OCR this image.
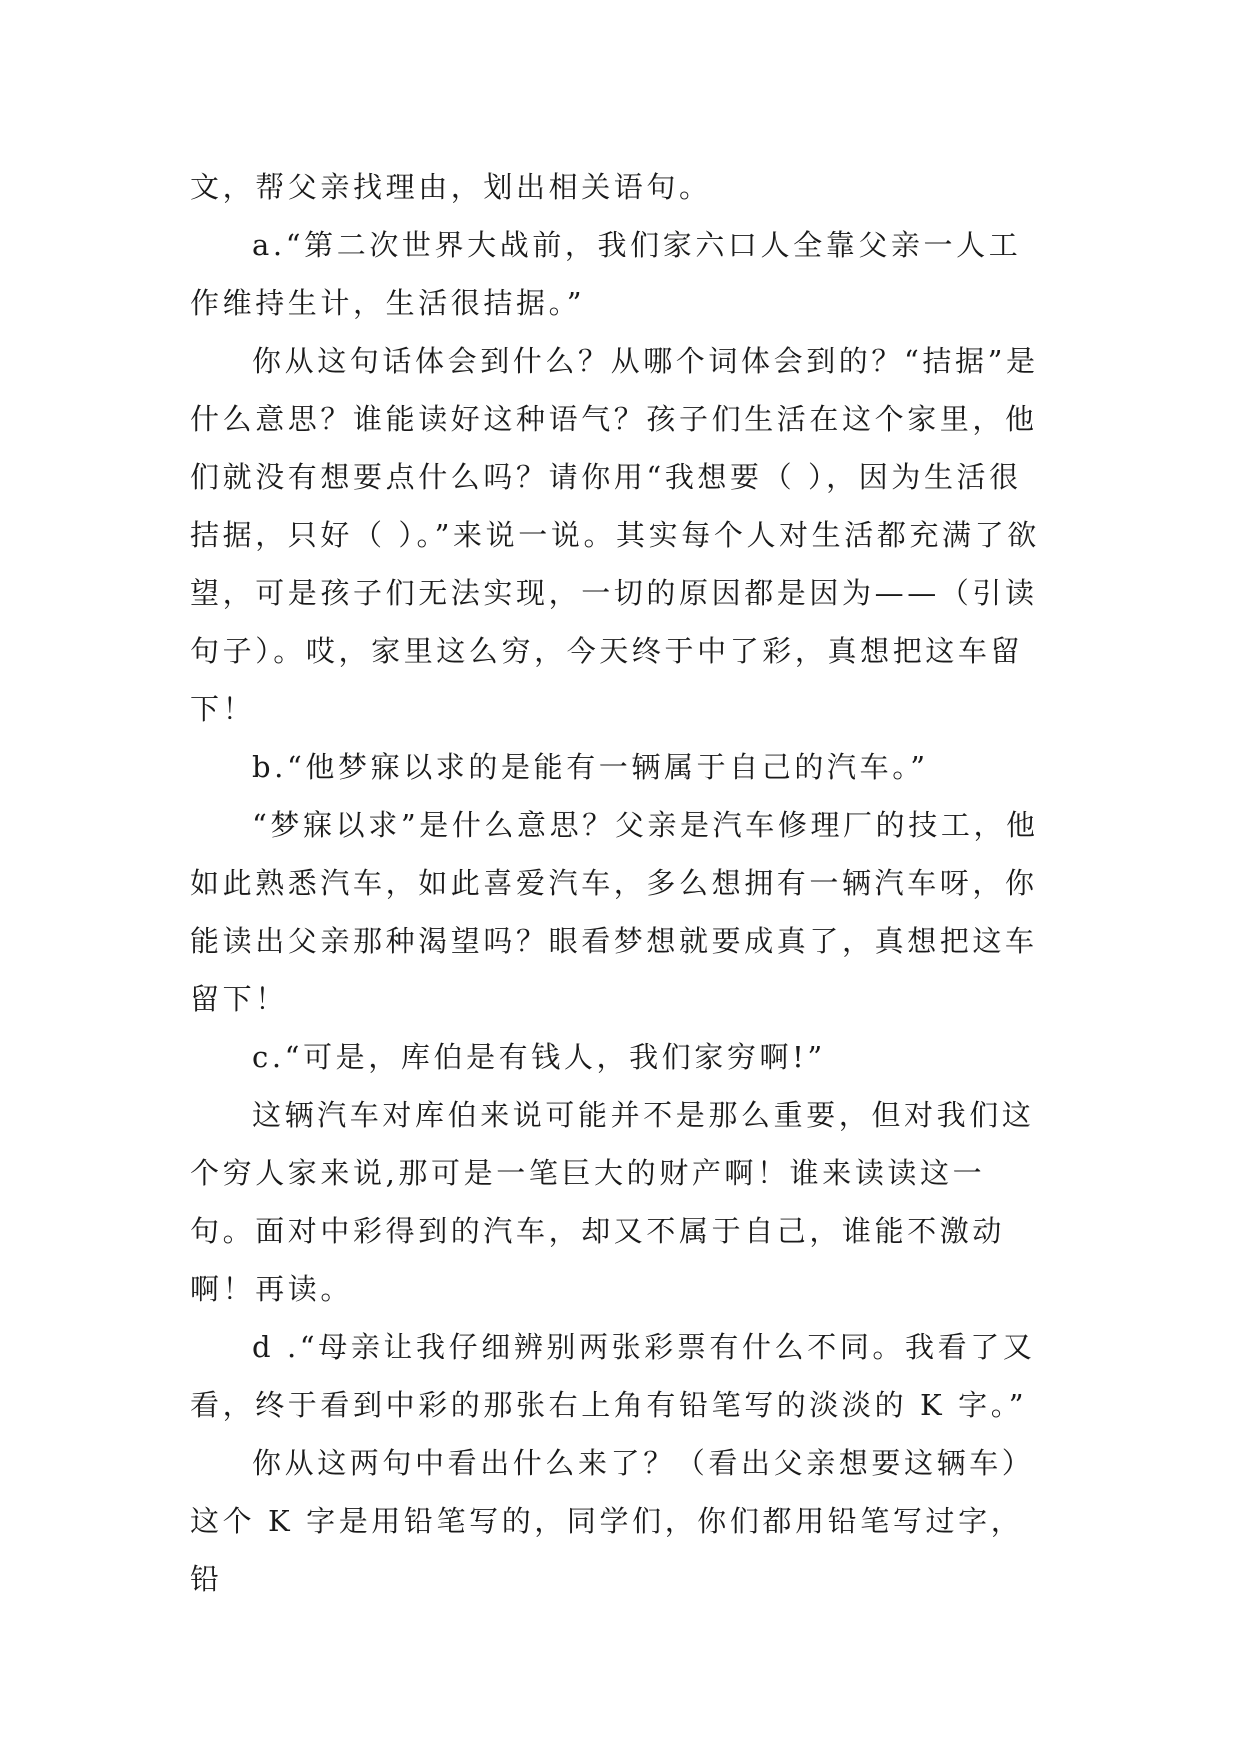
文，帮父亲找理由，划出相关语句。

a.“第二次世界大战前，我们家六口人全靠父亲一人工作维持生计，生活很拮据。”

你从这句话体会到什么？从哪个词体会到的？“拮据”是什么意思？谁能读好这种语气？孩子们生活在这个家里，他们就没有想要点什么吗？请你用“我想要（ ），因为生活很拮据，只好（ ）。”来说一说。其实每个人对生活都充满了欲望，可是孩子们无法实现，一切的原因都是因为——（引读句子）。哎，家里这么穷，今天终于中了彩，真想把这车留下！

b.“他梦寐以求的是能有一辆属于自己的汽车。”

“梦寐以求”是什么意思？父亲是汽车修理厂的技工，他如此熟悉汽车，如此喜爱汽车，多么想拥有一辆汽车呀，你能读出父亲那种渴望吗？眼看梦想就要成真了，真想把这车留下！

c.“可是，库伯是有钱人，我们家穷啊!”

这辆汽车对库伯来说可能并不是那么重要，但对我们这个穷人家来说,那可是一笔巨大的财产啊！谁来读读这一句。面对中彩得到的汽车，却又不属于自己，谁能不激动啊！再读。

d .“母亲让我仔细辨别两张彩票有什么不同。我看了又看，终于看到中彩的那张右上角有铅笔写的淡淡的 K 字。”

你从这两句中看出什么来了？（看出父亲想要这辆车）这个 K 字是用铅笔写的，同学们，你们都用铅笔写过字，铅
